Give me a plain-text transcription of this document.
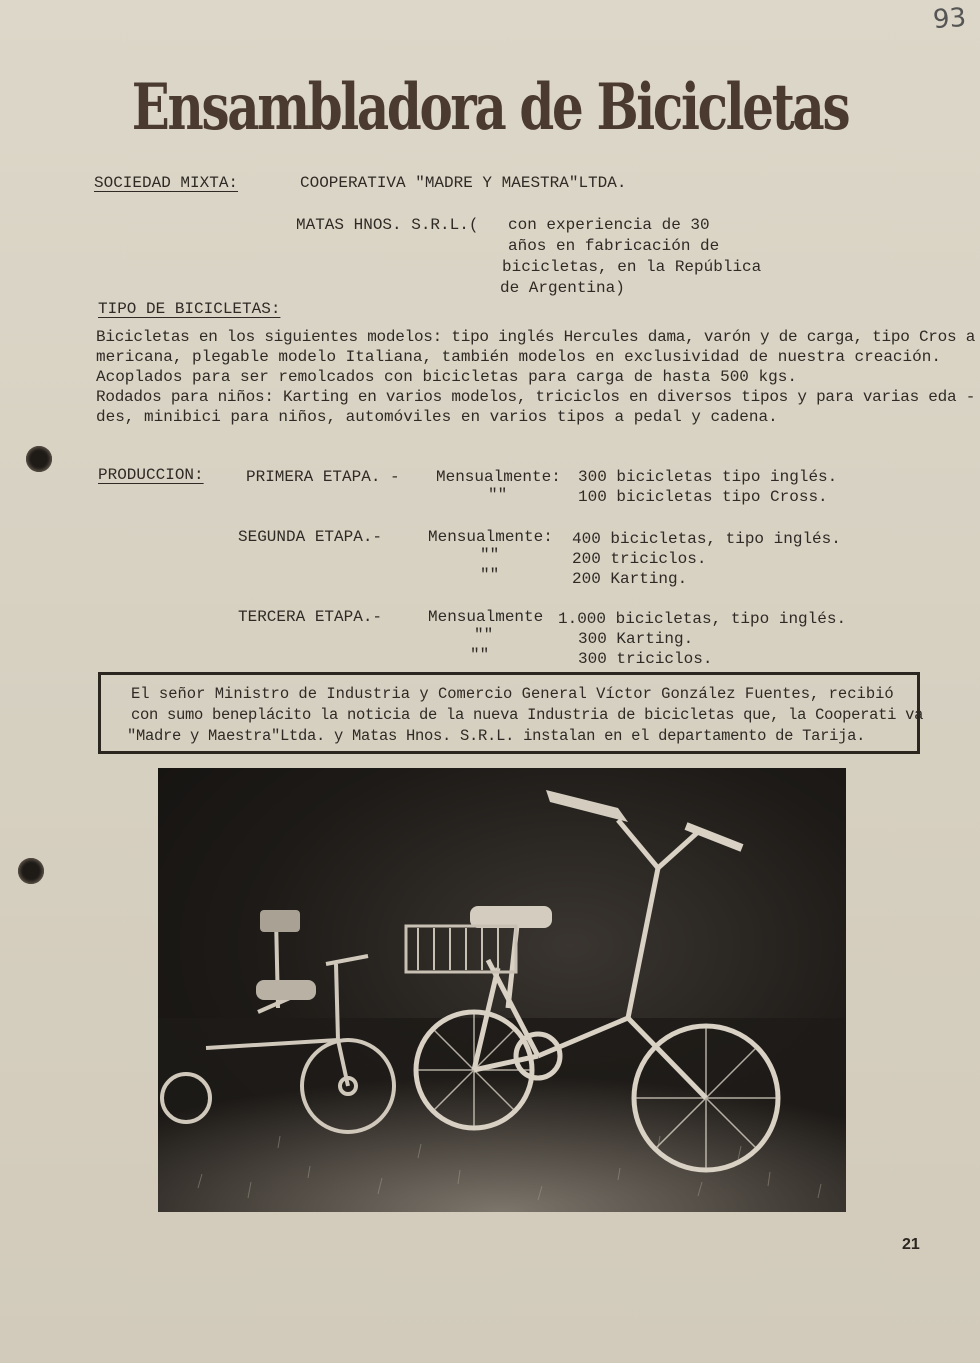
93
Ensambladora de Bicicletas
SOCIEDAD MIXTA:	COOPERATIVA "MADRE Y MAESTRA"LTDA.
MATAS HNOS. S.R.L.( con experiencia de 30
años en fabricación de
bicicletas, en la República
de Argentina)
TIPO DE BICICLETAS:
Bicicletas en los siguientes modelos: tipo inglés Hercules dama, varón y de carga, tipo Cros a
mericana, plegable modelo Italiana, también modelos en exclusividad de nuestra creación.
Acoplados para ser remolcados con bicicletas para carga de hasta 500 kgs.
Rodados para niños: Karting en varios modelos, triciclos en diversos tipos y para varias eda -
des, minibici para niños, automóviles en varios tipos a pedal y cadena.
PRODUCCION:	PRIMERA ETAPA. - Mensualmente: 300 bicicletas tipo inglés.
""	100 bicicletas tipo Cross.
SEGUNDA ETAPA.-	Mensualmente: 400 bicicletas, tipo inglés.
""	200 triciclos.
""	200 Karting.
TERCERA ETAPA.-	Mensualmente 1.000 bicicletas, tipo inglés.
""	300 Karting.
""	300 triciclos.
El señor Ministro de Industria y Comercio General Víctor González Fuentes, recibió
con sumo beneplácito la noticia de la nueva Industria de bicicletas que, la Cooperati va
"Madre y Maestra"Ltda. y Matas Hnos. S.R.L. instalan en el departamento de Tarija.
21
